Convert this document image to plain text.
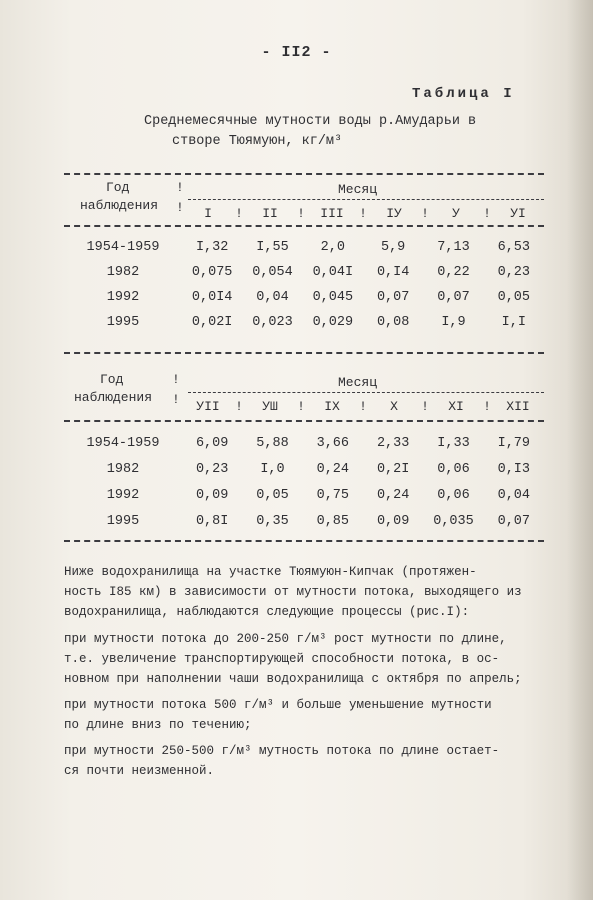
- II2 -
Таблица I
Среднемесячные мутности воды р.Амударьи в
створе Тюямуюн, кг/м³
Год
наблюдения
!
!
Месяц
I	!	II	!	III	!	IУ	!	У	!	УI
1954-1959	I,32	I,55	2,0	5,9	7,13	6,53
1982	0,075	0,054	0,04I	0,I4	0,22	0,23
1992	0,0I4	0,04	0,045	0,07	0,07	0,05
1995	0,02I	0,023	0,029	0,08	I,9	I,I
Год
наблюдения
!
!
Месяц
УII	!	УШ	!	IX	!	X	!	XI	!	XII
1954-1959	6,09	5,88	3,66	2,33	I,33	I,79
1982	0,23	I,0	0,24	0,2I	0,06	0,I3
1992	0,09	0,05	0,75	0,24	0,06	0,04
1995	0,8I	0,35	0,85	0,09	0,035	0,07
Ниже водохранилища на участке Тюямуюн-Кипчак (протяжен-
ность I85 км) в зависимости от мутности потока, выходящего из
водохранилища, наблюдаются следующие процессы (рис.I):
при мутности потока до 200-250 г/м³ рост мутности по длине,
т.е. увеличение транспортирующей способности потока, в ос-
новном при наполнении чаши водохранилища с октября по апрель;
при мутности потока 500 г/м³ и больше уменьшение мутности
по длине вниз по течению;
при мутности 250-500 г/м³ мутность потока по длине остает-
ся почти неизменной.
